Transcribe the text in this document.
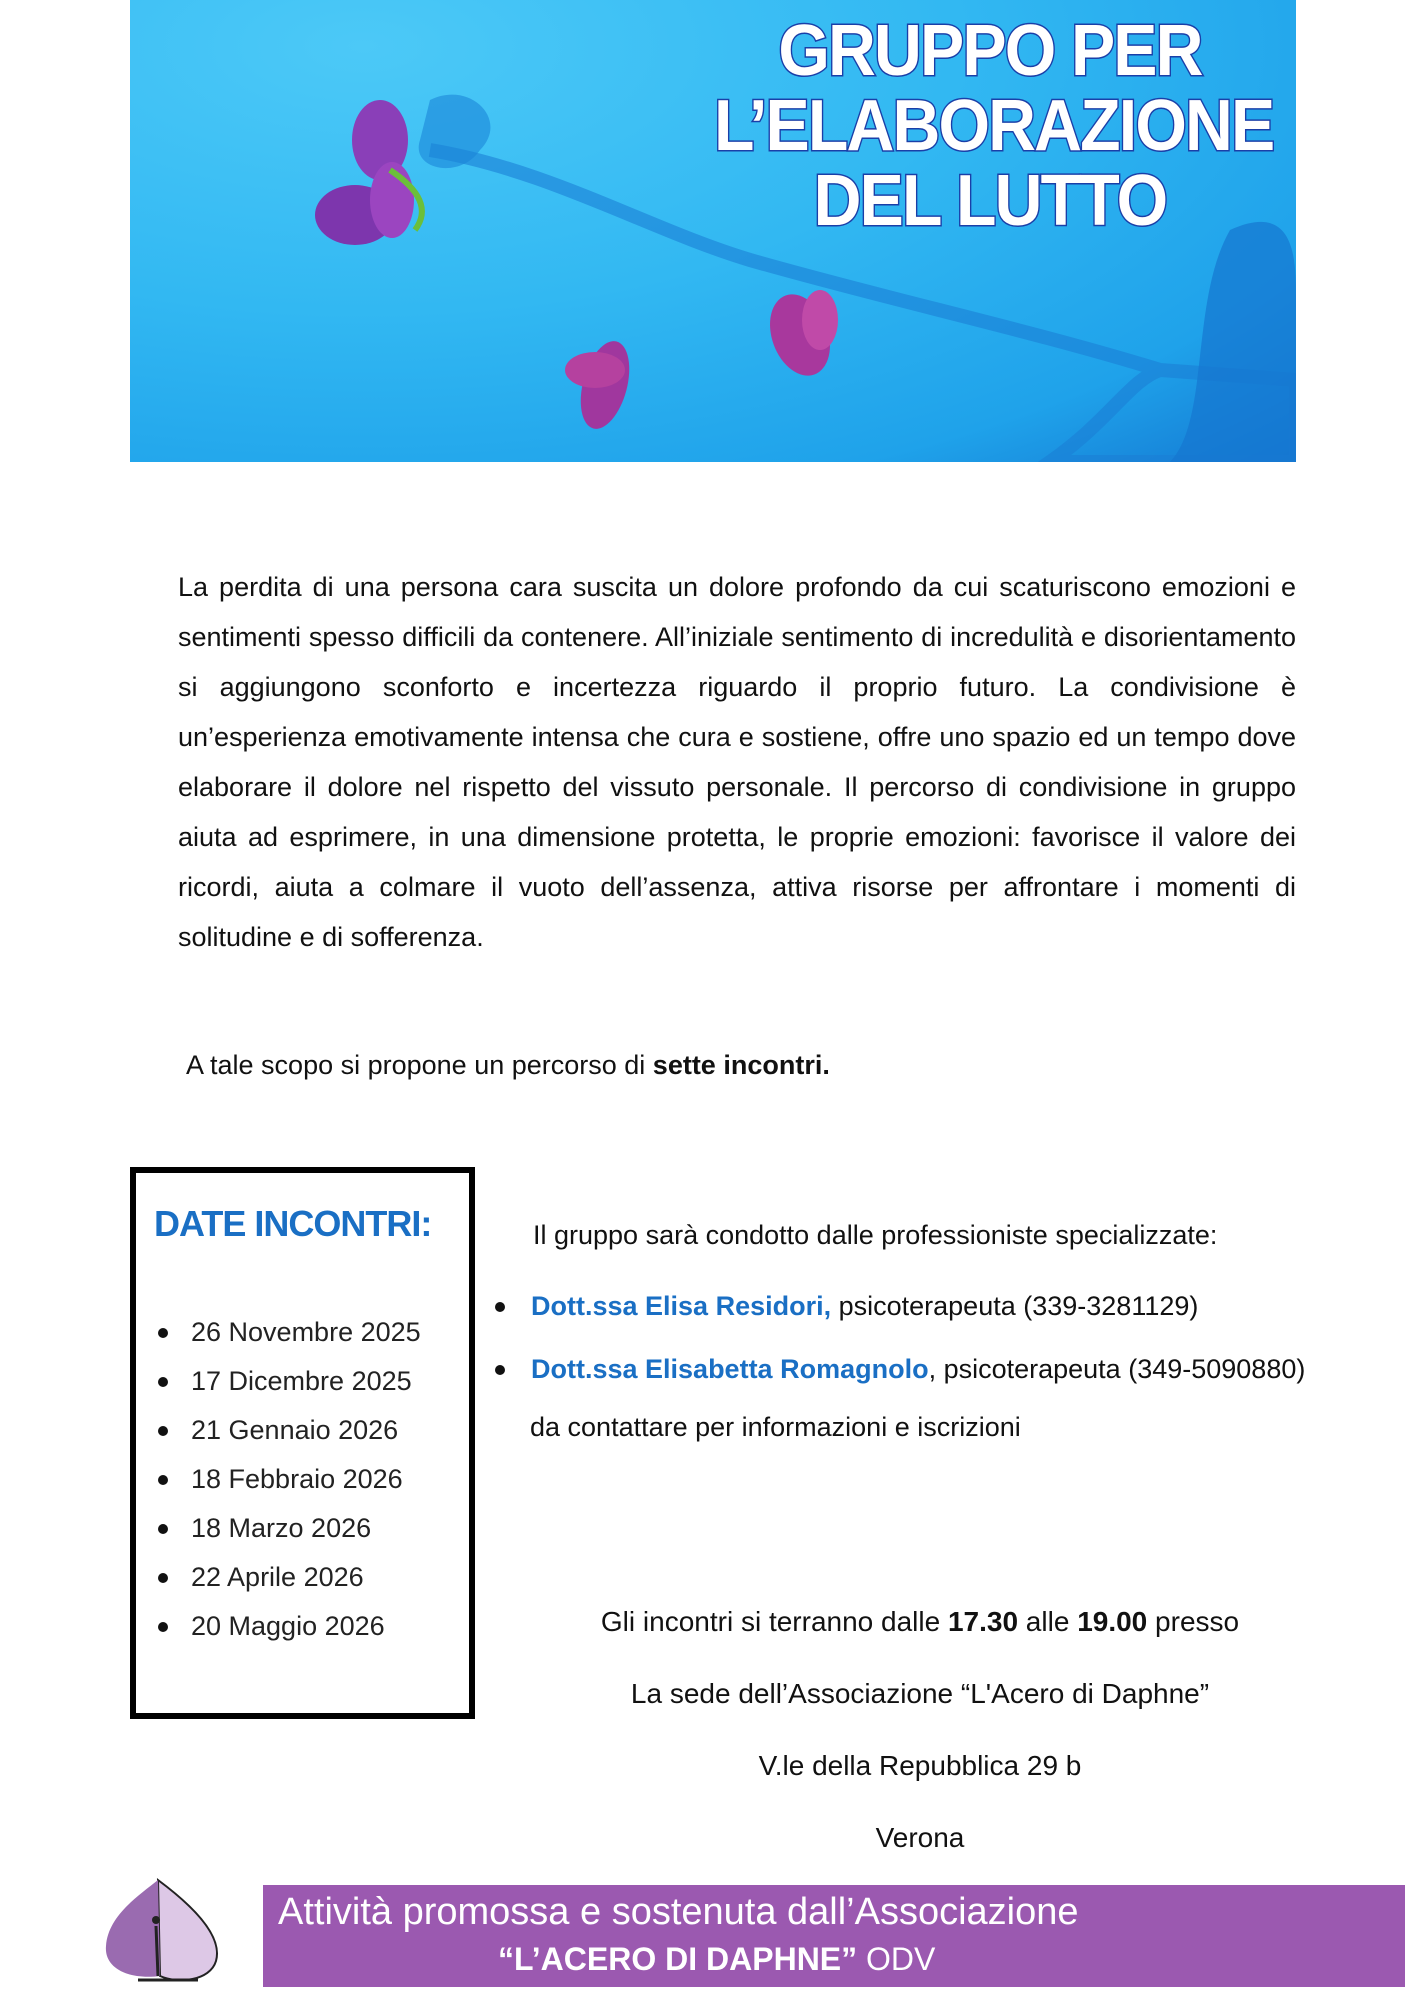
GRUPPO PER
L’ELABORAZIONE
DEL LUTTO

La perdita di una persona cara suscita un dolore profondo da cui scaturiscono emozioni e sentimenti spesso difficili da contenere. All’iniziale sentimento di incredulità e disorientamento si aggiungono sconforto e incertezza riguardo il proprio futuro. La condivisione è un’esperienza emotivamente intensa che cura e sostiene, offre uno spazio ed un tempo dove elaborare il dolore nel rispetto del vissuto personale. Il percorso di condivisione in gruppo aiuta ad esprimere, in una dimensione protetta, le proprie emozioni: favorisce il valore dei ricordi, aiuta a colmare il vuoto dell’assenza, attiva risorse per affrontare i momenti di solitudine e di sofferenza.

A tale scopo si propone un percorso di sette incontri.
DATE INCONTRI:
26 Novembre 2025
17 Dicembre 2025
21 Gennaio 2026
18 Febbraio 2026
18 Marzo 2026
22 Aprile 2026
20 Maggio 2026
Il gruppo sarà condotto dalle professioniste specializzate:
Dott.ssa Elisa Residori, psicoterapeuta (339-3281129)
Dott.ssa Elisabetta Romagnolo , psicoterapeuta (349-5090880)
da contattare per informazioni e iscrizioni
Gli incontri si terranno dalle 17.30 alle 19.00 presso
La sede dell’Associazione “L'Acero di Daphne”
V.le della Repubblica 29 b
Verona
Attività promossa e sostenuta dall’Associazione
“L’ACERO DI DAPHNE” ODV
